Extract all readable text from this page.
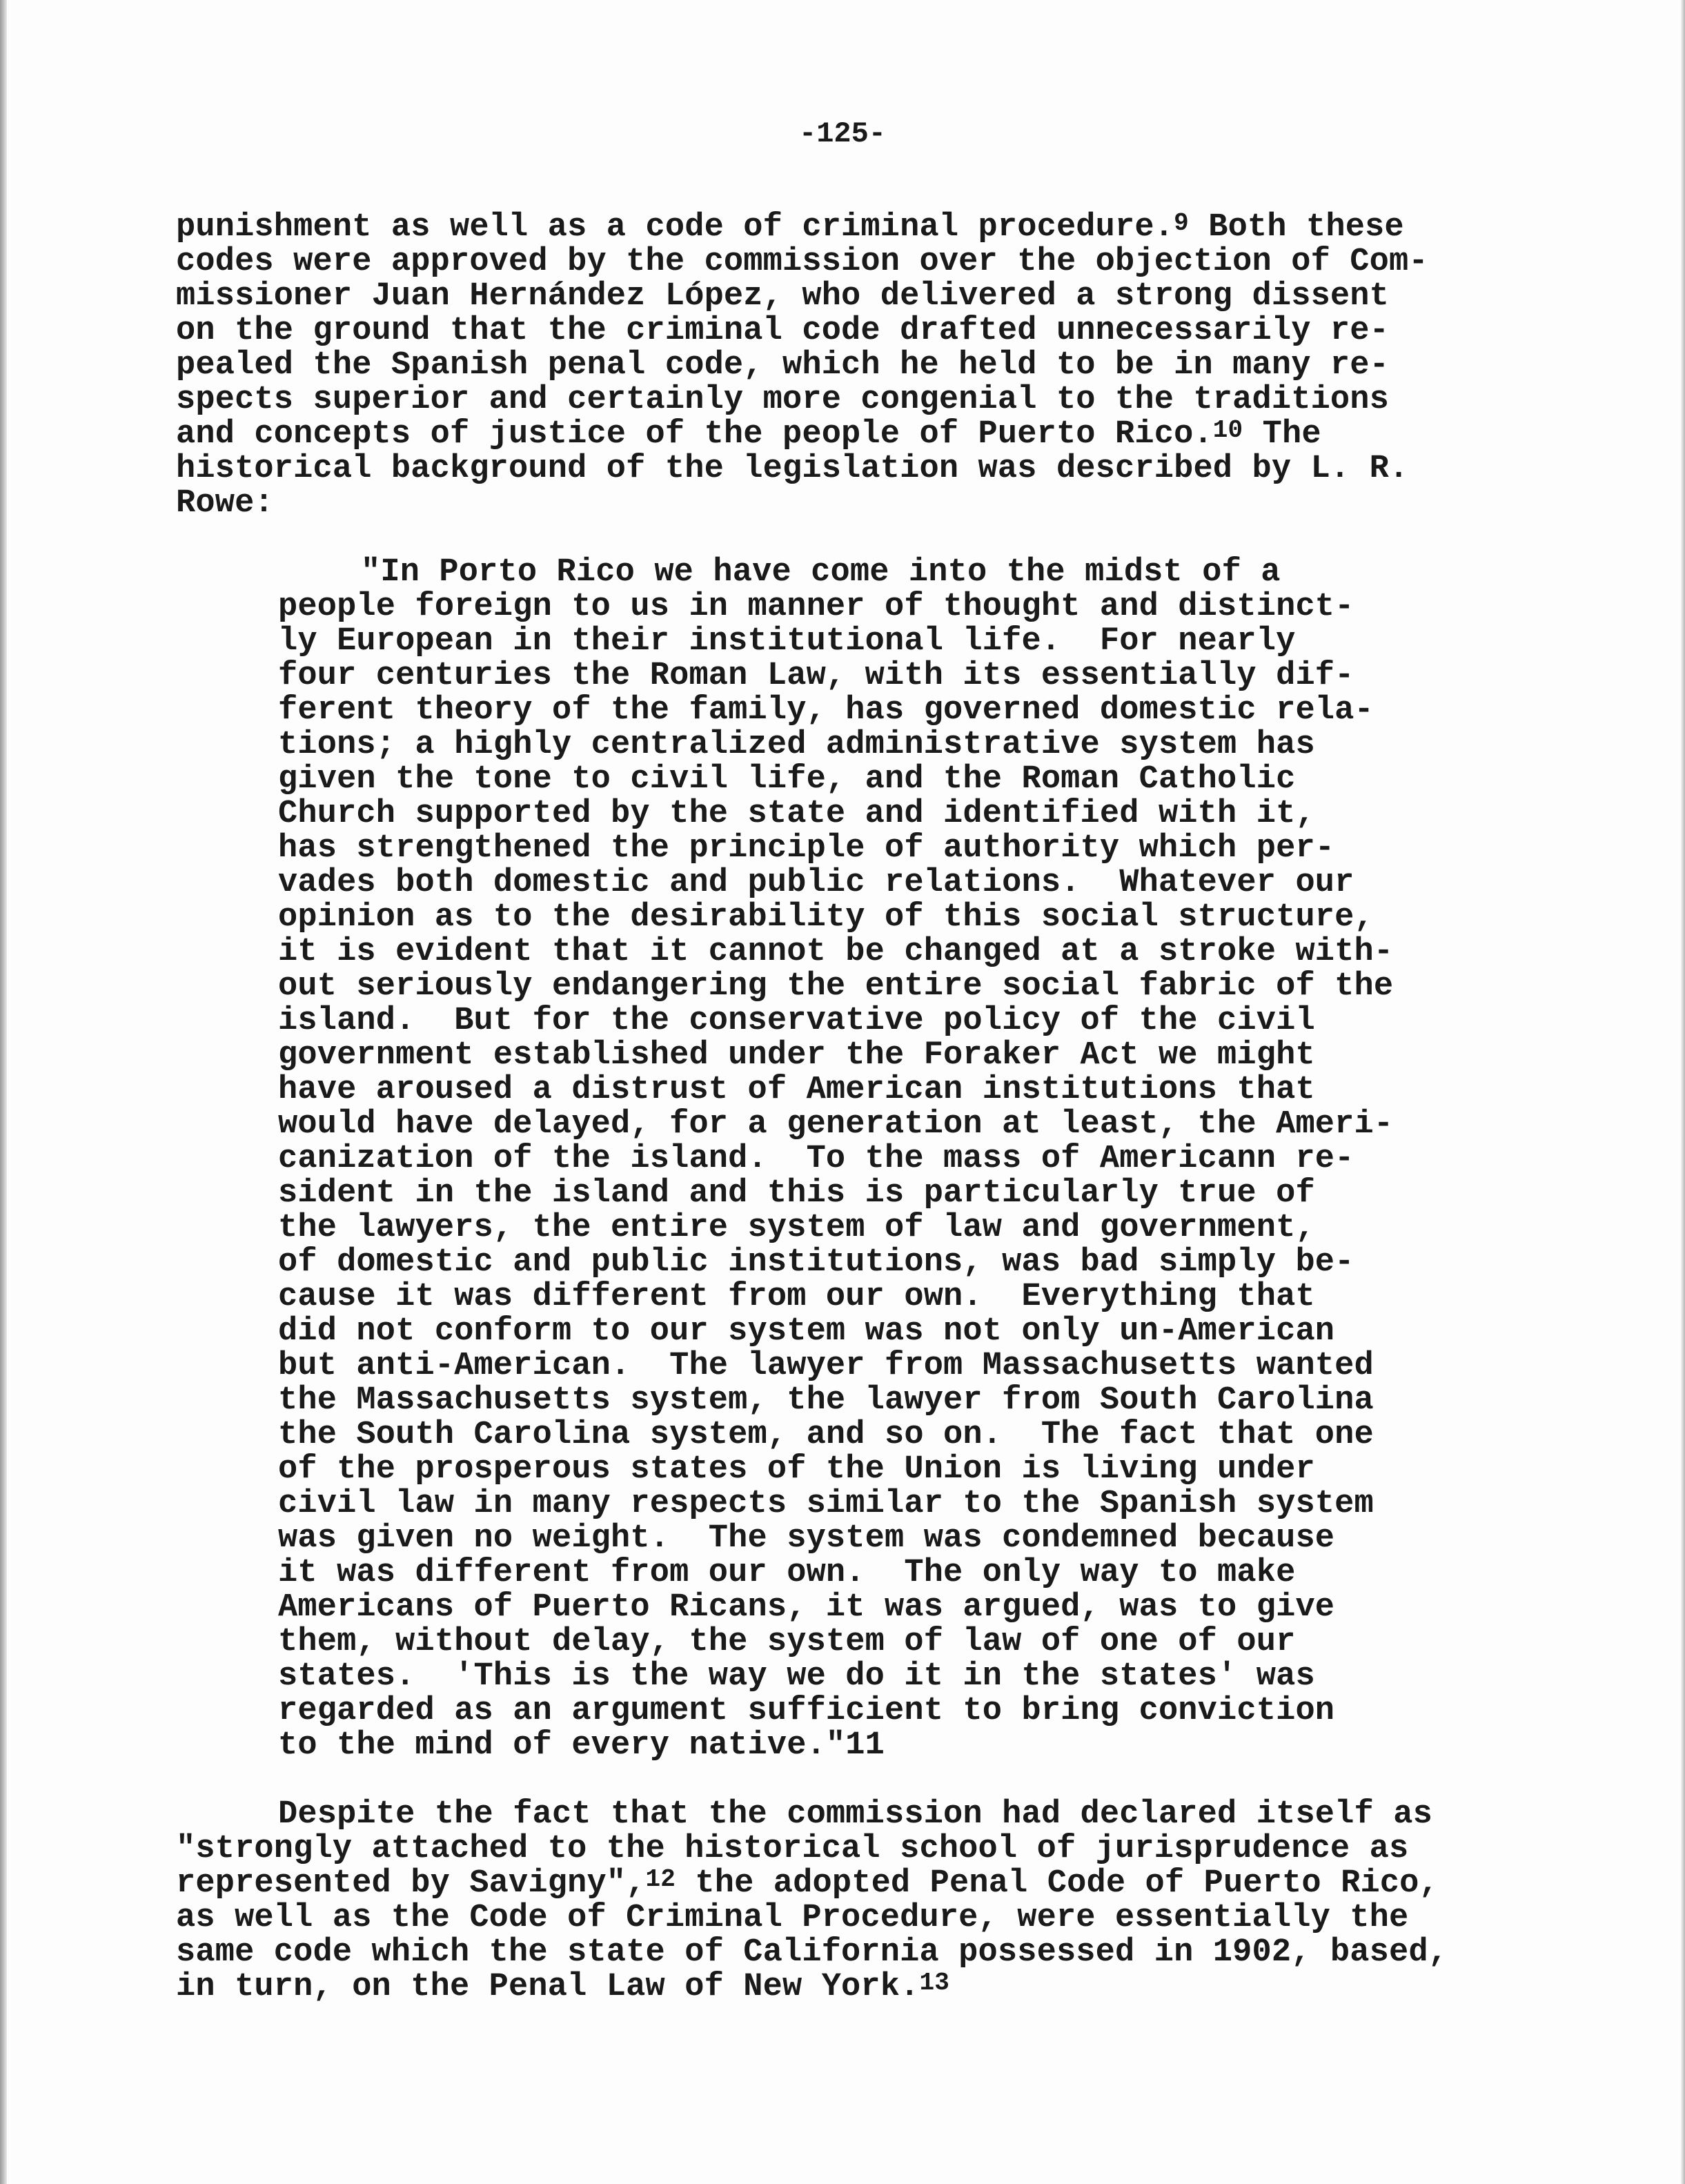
-125-
punishment as well as a code of criminal procedure.$^9$ Both these
codes were approved by the commission over the objection of Com-
missioner Juan Hernández López, who delivered a strong dissent
on the ground that the criminal code drafted unnecessarily re-
pealed the Spanish penal code, which he held to be in many re-
spects superior and certainly more congenial to the traditions
and concepts of justice of the people of Puerto Rico.$^{10}$ The
historical background of the legislation was described by L. R.
Rowe:
"In Porto Rico we have come into the midst of a
people foreign to us in manner of thought and distinct-
ly European in their institutional life.  For nearly
four centuries the Roman Law, with its essentially dif-
ferent theory of the family, has governed domestic rela-
tions; a highly centralized administrative system has
given the tone to civil life, and the Roman Catholic
Church supported by the state and identified with it,
has strengthened the principle of authority which per-
vades both domestic and public relations.  Whatever our
opinion as to the desirability of this social structure,
it is evident that it cannot be changed at a stroke with-
out seriously endangering the entire social fabric of the
island.  But for the conservative policy of the civil
government established under the Foraker Act we might
have aroused a distrust of American institutions that
would have delayed, for a generation at least, the Ameri-
canization of the island.  To the mass of Americann re-
sident in the island and this is particularly true of
the lawyers, the entire system of law and government,
of domestic and public institutions, was bad simply be-
cause it was different from our own.  Everything that
did not conform to our system was not only un-American
but anti-American.  The lawyer from Massachusetts wanted
the Massachusetts system, the lawyer from South Carolina
the South Carolina system, and so on.  The fact that one
of the prosperous states of the Union is living under
civil law in many respects similar to the Spanish system
was given no weight.  The system was condemned because
it was different from our own.  The only way to make
Americans of Puerto Ricans, it was argued, was to give
them, without delay, the system of law of one of our
states.  'This is the way we do it in the states' was
regarded as an argument sufficient to bring conviction
to the mind of every native."11
Despite the fact that the commission had declared itself as
"strongly attached to the historical school of jurisprudence as
represented by Savigny",$^{12}$ the adopted Penal Code of Puerto Rico,
as well as the Code of Criminal Procedure, were essentially the
same code which the state of California possessed in 1902, based,
in turn, on the Penal Law of New York.$^{13}$
